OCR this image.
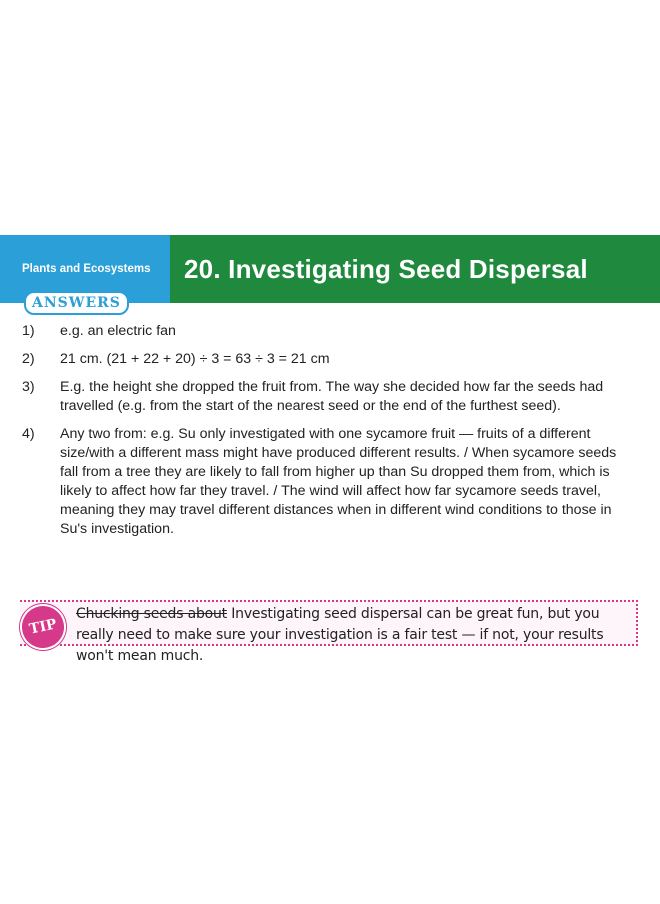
Plants and Ecosystems	20. Investigating Seed Dispersal
ANSWERS
1)	e.g. an electric fan
2)	21 cm. (21 + 22 + 20) ÷ 3 = 63 ÷ 3 = 21 cm
3)	E.g. the height she dropped the fruit from. The way she decided how far the seeds had travelled (e.g. from the start of the nearest seed or the end of the furthest seed).
4)	Any two from: e.g. Su only investigated with one sycamore fruit — fruits of a different size/with a different mass might have produced different results. / When sycamore seeds fall from a tree they are likely to fall from higher up than Su dropped them from, which is likely to affect how far they travel. / The wind will affect how far sycamore seeds travel, meaning they may travel different distances when in different wind conditions to those in Su's investigation.
TIP
Chucking seeds about Investigating seed dispersal can be great fun, but you really need to make sure your investigation is a fair test — if not, your results won't mean much.
